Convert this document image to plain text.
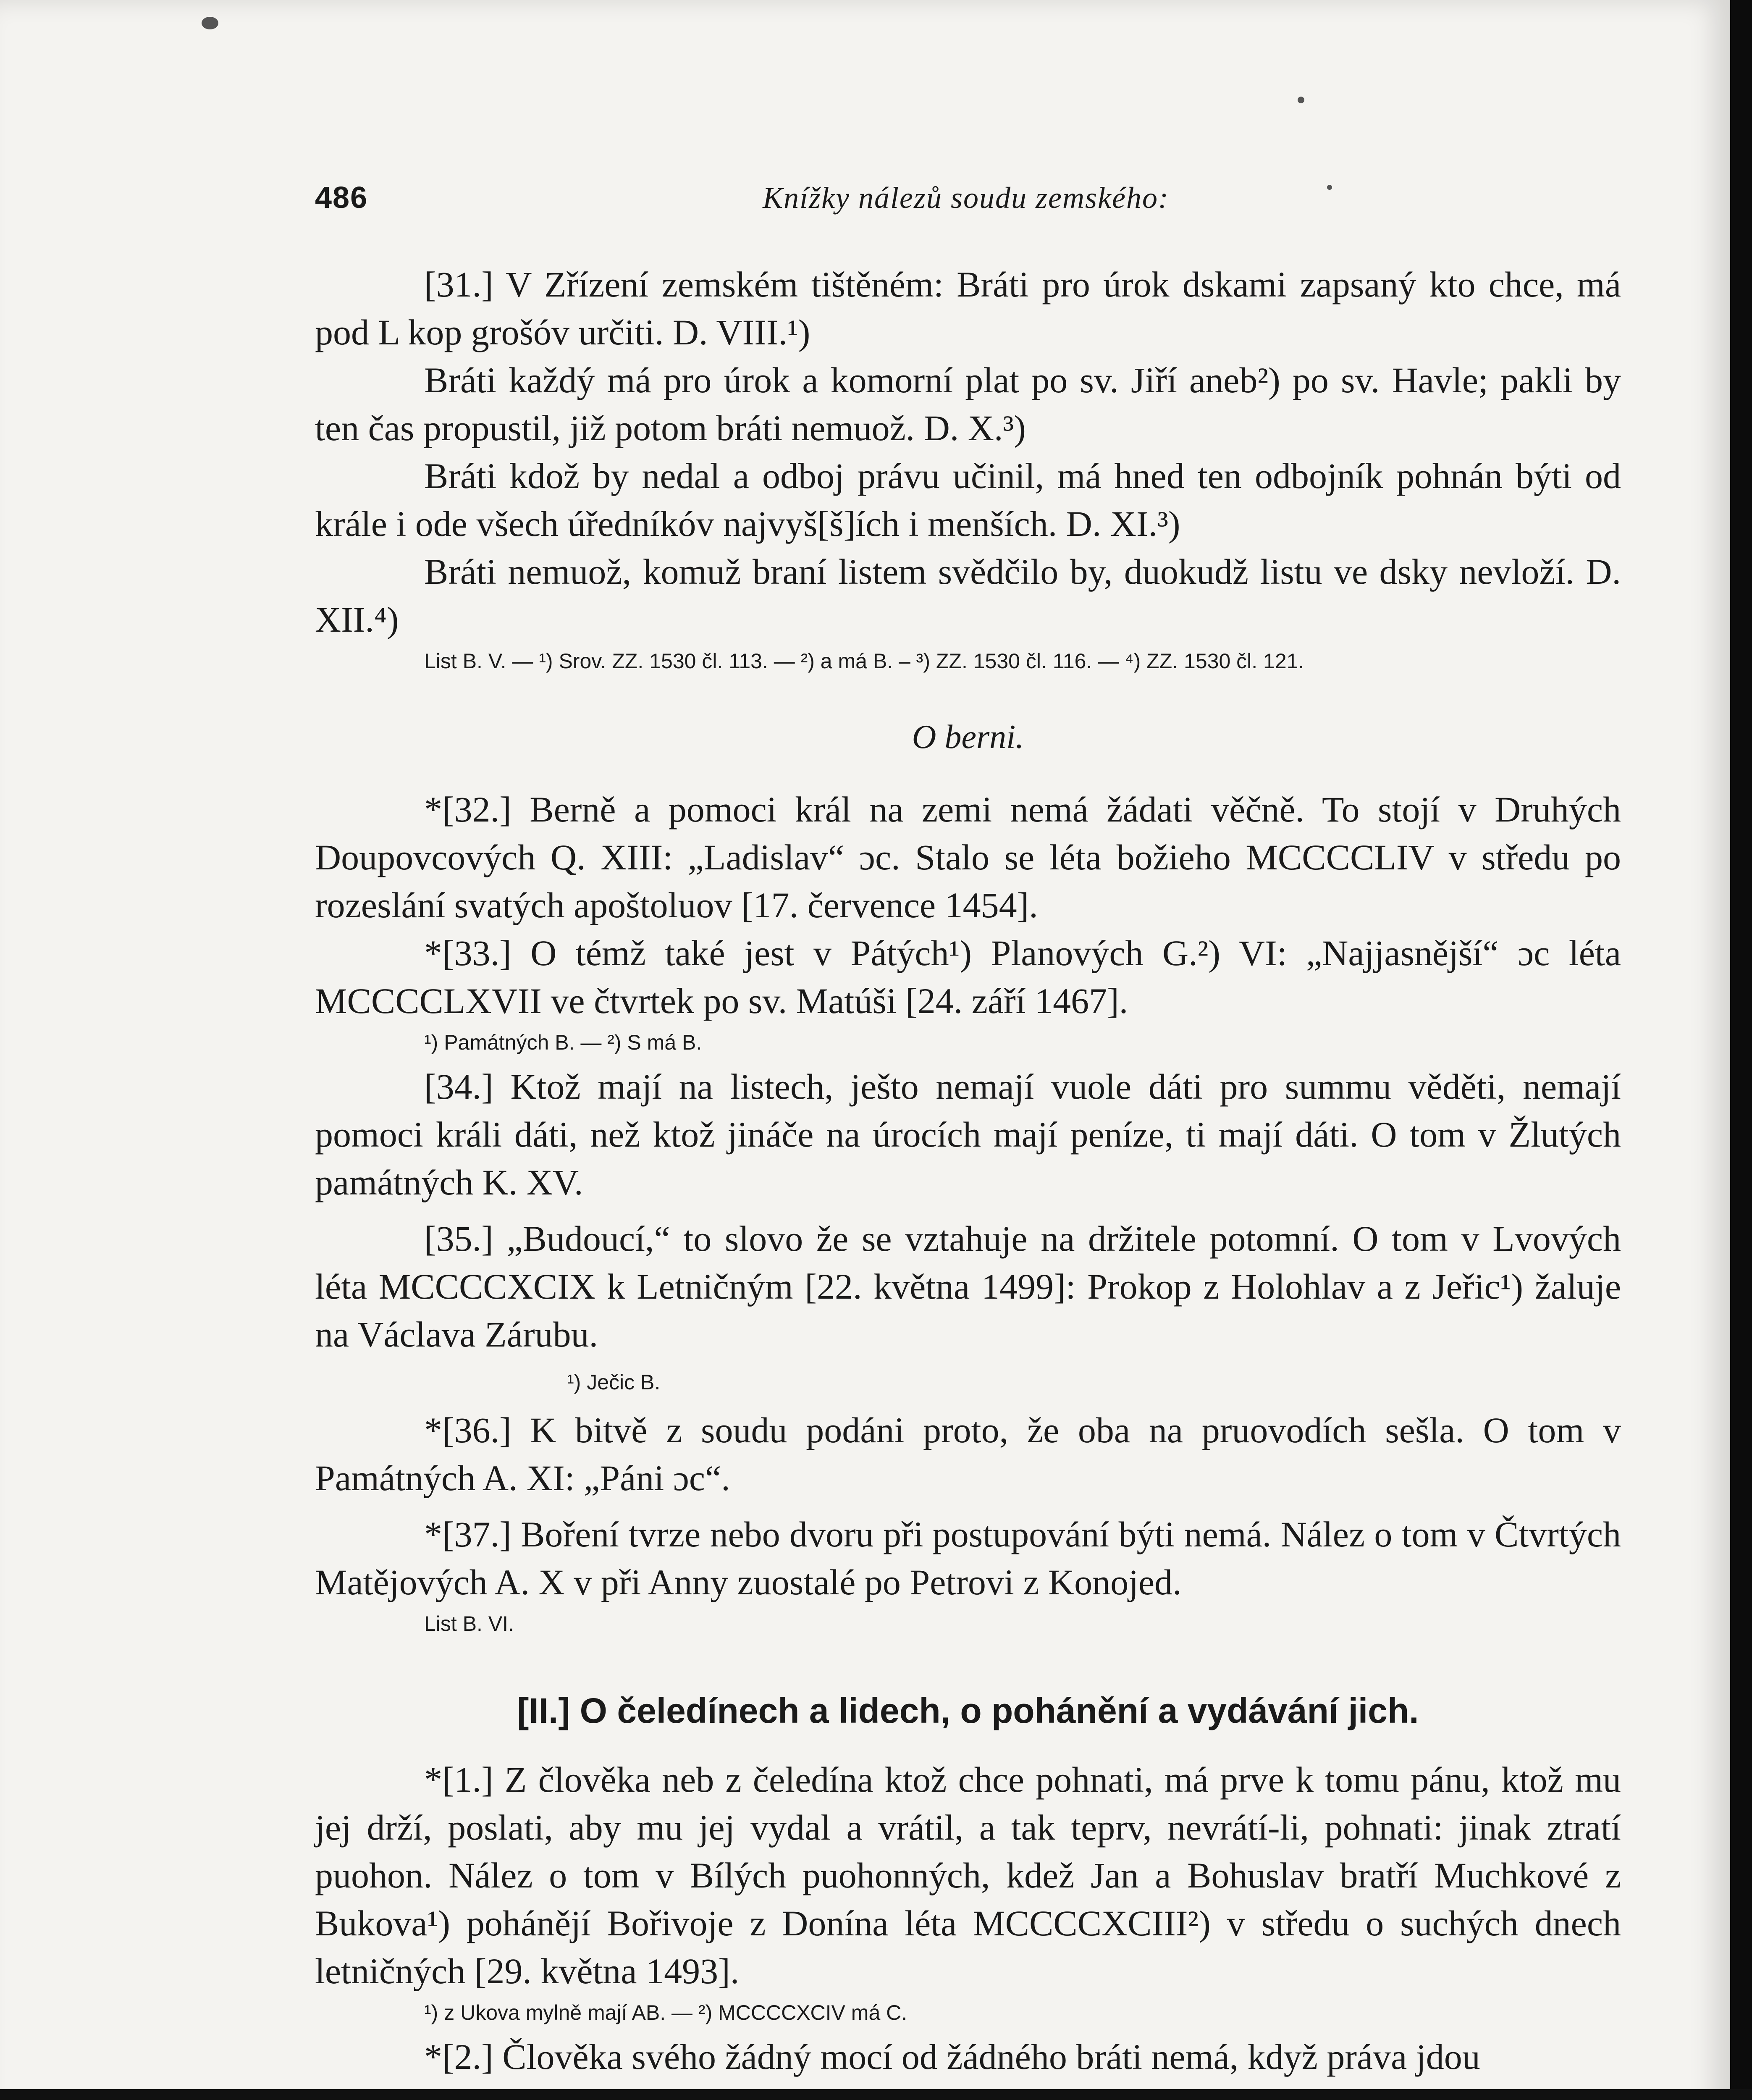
486	Knížky nálezů soudu zemského:

[31.] V Zřízení zemském tištěném: Bráti pro úrok dskami zapsaný kto chce, má pod L kop grošóv určiti. D. VIII.¹)

Bráti každý má pro úrok a komorní plat po sv. Jiří aneb²) po sv. Havle; pakli by ten čas propustil, již potom bráti nemuož. D. X.³)

Bráti kdož by nedal a odboj právu učinil, má hned ten odbojník pohnán býti od krále i ode všech úředníkóv najvyš[š]ích i menších. D. XI.³)

Bráti nemuož, komuž braní listem svědčilo by, duokudž listu ve dsky nevloží. D. XII.⁴)

List B. V. — ¹) Srov. ZZ. 1530 čl. 113. — ²) a má B. – ³) ZZ. 1530 čl. 116. — ⁴) ZZ. 1530 čl. 121.
O berni.

*[32.] Berně a pomoci král na zemi nemá žádati věčně. To stojí v Druhých Doupovcových Q. XIII: „Ladislav“ ɔc. Stalo se léta božieho MCCCCLIV v středu po rozeslání svatých apoštoluov [17. července 1454].

*[33.] O témž také jest v Pátých¹) Planových G.²) VI: „Najjasnější“ ɔc léta MCCCCLXVII ve čtvrtek po sv. Matúši [24. září 1467].

¹) Památných B. — ²) S má B.

[34.] Ktož mají na listech, ješto nemají vuole dáti pro summu věděti, nemají pomoci králi dáti, než ktož jináče na úrocích mají peníze, ti mají dáti. O tom v Žlutých památných K. XV.

[35.] „Budoucí,“ to slovo že se vztahuje na držitele potomní. O tom v Lvových léta MCCCCXCIX k Letničným [22. května 1499]: Prokop z Holohlav a z Jeřic¹) žaluje na Václava Zárubu.

¹) Ječic B.

*[36.] K bitvě z soudu podáni proto, že oba na pruovodích sešla. O tom v Památných A. XI: „Páni ɔc“.

*[37.] Boření tvrze nebo dvoru při postupování býti nemá. Nález o tom v Čtvrtých Matějových A. X v při Anny zuostalé po Petrovi z Konojed.

List B. VI.
[II.] O čeledínech a lidech, o pohánění a vydávání jich.

*[1.] Z člověka neb z čeledína ktož chce pohnati, má prve k tomu pánu, ktož mu jej drží, poslati, aby mu jej vydal a vrátil, a tak teprv, nevrátí-li, pohnati: jinak ztratí puohon. Nález o tom v Bílých puohonných, kdež Jan a Bohuslav bratří Muchkové z Bukova¹) pohánějí Bořivoje z Donína léta MCCCCXCIII²) v středu o suchých dnech letničných [29. května 1493].

¹) z Ukova mylně mají AB. — ²) MCCCCXCIV má C.

*[2.] Člověka svého žádný mocí od žádného bráti nemá, když práva jdou
